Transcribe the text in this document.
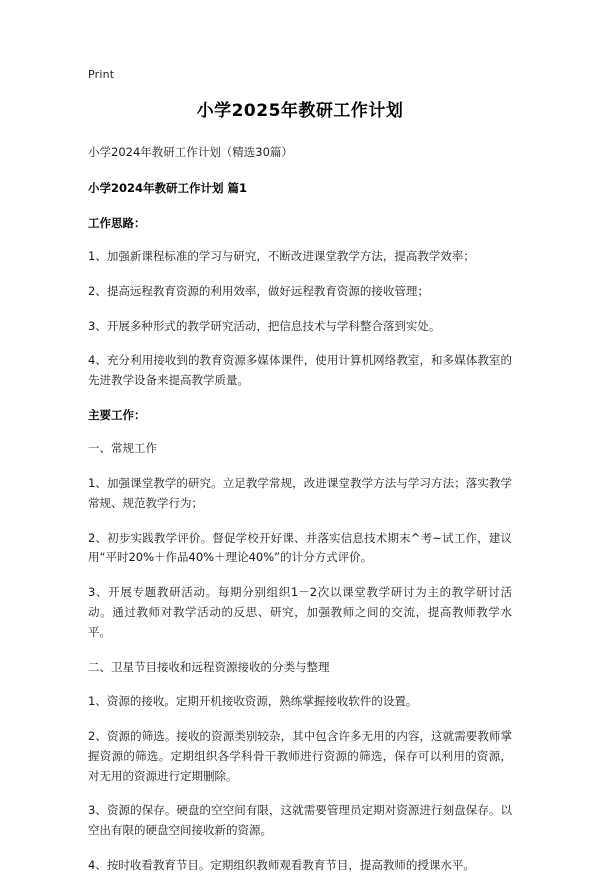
Print
小学2025年教研工作计划

小学2024年教研工作计划（精选30篇）

小学2024年教研工作计划 篇1

工作思路：

1、加强新课程标准的学习与研究，不断改进课堂教学方法，提高教学效率；

2、提高远程教育资源的利用效率，做好远程教育资源的接收管理；

3、开展多种形式的教学研究活动，把信息技术与学科整合落到实处。

4、充分利用接收到的教育资源多媒体课件，使用计算机网络教室，和多媒体教室的先进教学设备来提高教学质量。

主要工作：

一、常规工作

1、加强课堂教学的研究。立足教学常规，改进课堂教学方法与学习方法；落实教学常规、规范教学行为；

2、初步实践教学评价。督促学校开好课、并落实信息技术期末^考~试工作，建议用“平时20%＋作品40%＋理论40%”的计分方式评价。

3、开展专题教研活动。每期分别组织1－2次以课堂教学研讨为主的教学研讨活动。通过教师对教学活动的反思、研究，加强教师之间的交流，提高教师教学水平。

二、卫星节目接收和远程资源接收的分类与整理

1、资源的接收。定期开机接收资源，熟练掌握接收软件的设置。

2、资源的筛选。接收的资源类别较杂，其中包含许多无用的内容，这就需要教师掌握资源的筛选。定期组织各学科骨干教师进行资源的筛选，保存可以利用的资源，对无用的资源进行定期删除。

3、资源的保存。硬盘的空空间有限，这就需要管理员定期对资源进行刻盘保存。以空出有限的硬盘空间接收新的资源。

4、按时收看教育节目。定期组织教师观看教育节目，提高教师的授课水平。
